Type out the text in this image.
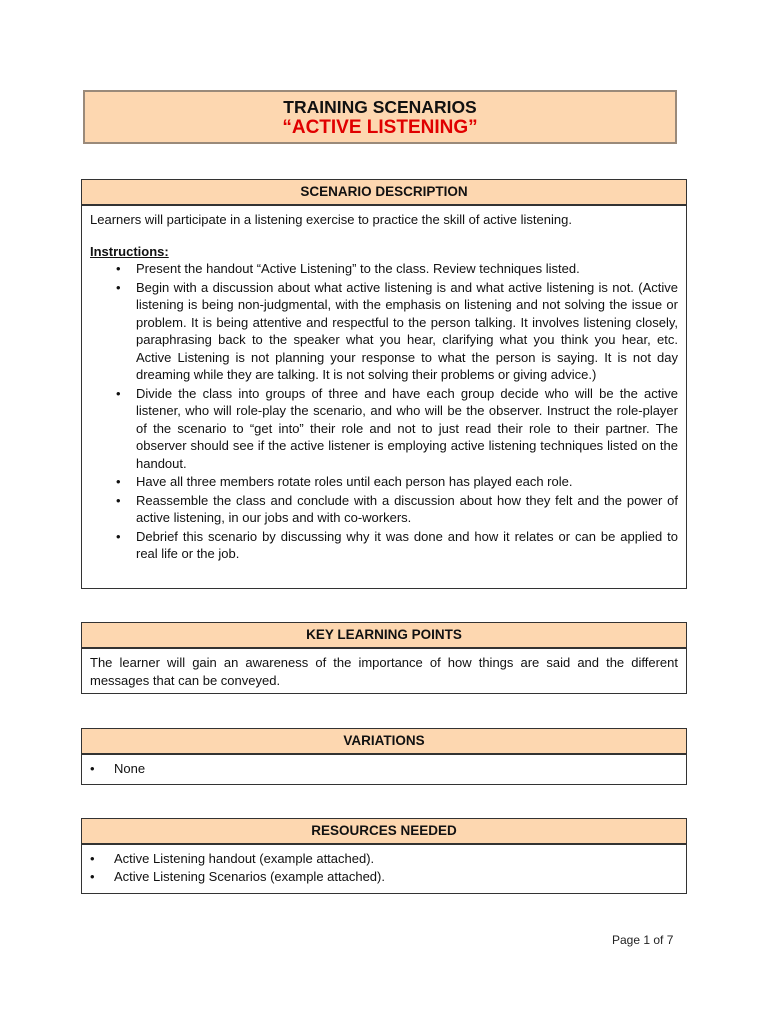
TRAINING SCENARIOS
“ACTIVE LISTENING”
SCENARIO DESCRIPTION
Learners will participate in a listening exercise to practice the skill of active listening.
Instructions:
• Present the handout “Active Listening” to the class. Review techniques listed.
• Begin with a discussion about what active listening is and what active listening is not. (Active listening is being non-judgmental, with the emphasis on listening and not solving the issue or problem. It is being attentive and respectful to the person talking. It involves listening closely, paraphrasing back to the speaker what you hear, clarifying what you think you hear, etc. Active Listening is not planning your response to what the person is saying. It is not day dreaming while they are talking. It is not solving their problems or giving advice.)
• Divide the class into groups of three and have each group decide who will be the active listener, who will role-play the scenario, and who will be the observer. Instruct the role-player of the scenario to “get into” their role and not to just read their role to their partner. The observer should see if the active listener is employing active listening techniques listed on the handout.
• Have all three members rotate roles until each person has played each role.
• Reassemble the class and conclude with a discussion about how they felt and the power of active listening, in our jobs and with co-workers.
• Debrief this scenario by discussing why it was done and how it relates or can be applied to real life or the job.
KEY LEARNING POINTS
The learner will gain an awareness of the importance of how things are said and the different messages that can be conveyed.
VARIATIONS
• None
RESOURCES NEEDED
• Active Listening handout (example attached).
• Active Listening Scenarios (example attached).
Page 1 of 7
